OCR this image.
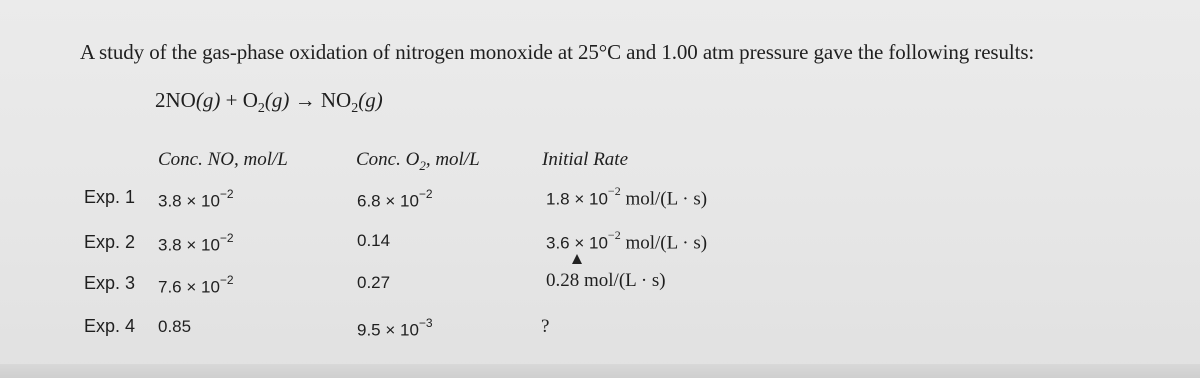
A study of the gas-phase oxidation of nitrogen monoxide at 25°C and 1.00 atm pressure gave the following results:
$2NO(g) + O_2(g) \to NO_2(g)$
Conc. NO, mol/L	Conc. $O_2$, mol/L	Initial Rate
Exp. 1 $3.8 \times 10^{-2}$	$6.8 \times 10^{-2}$	$1.8 \times 10^{-2}$ mol/(L · s)
Exp. 2 $3.8 \times 10^{-2}$	0.14	$3.6 \times 10^{-2}$ mol/(L · s)
Exp. 3 $7.6 \times 10^{-2}$	0.27	0.28 mol/(L · s)
Exp. 4 0.85	$9.5 \times 10^{-3}$	?
